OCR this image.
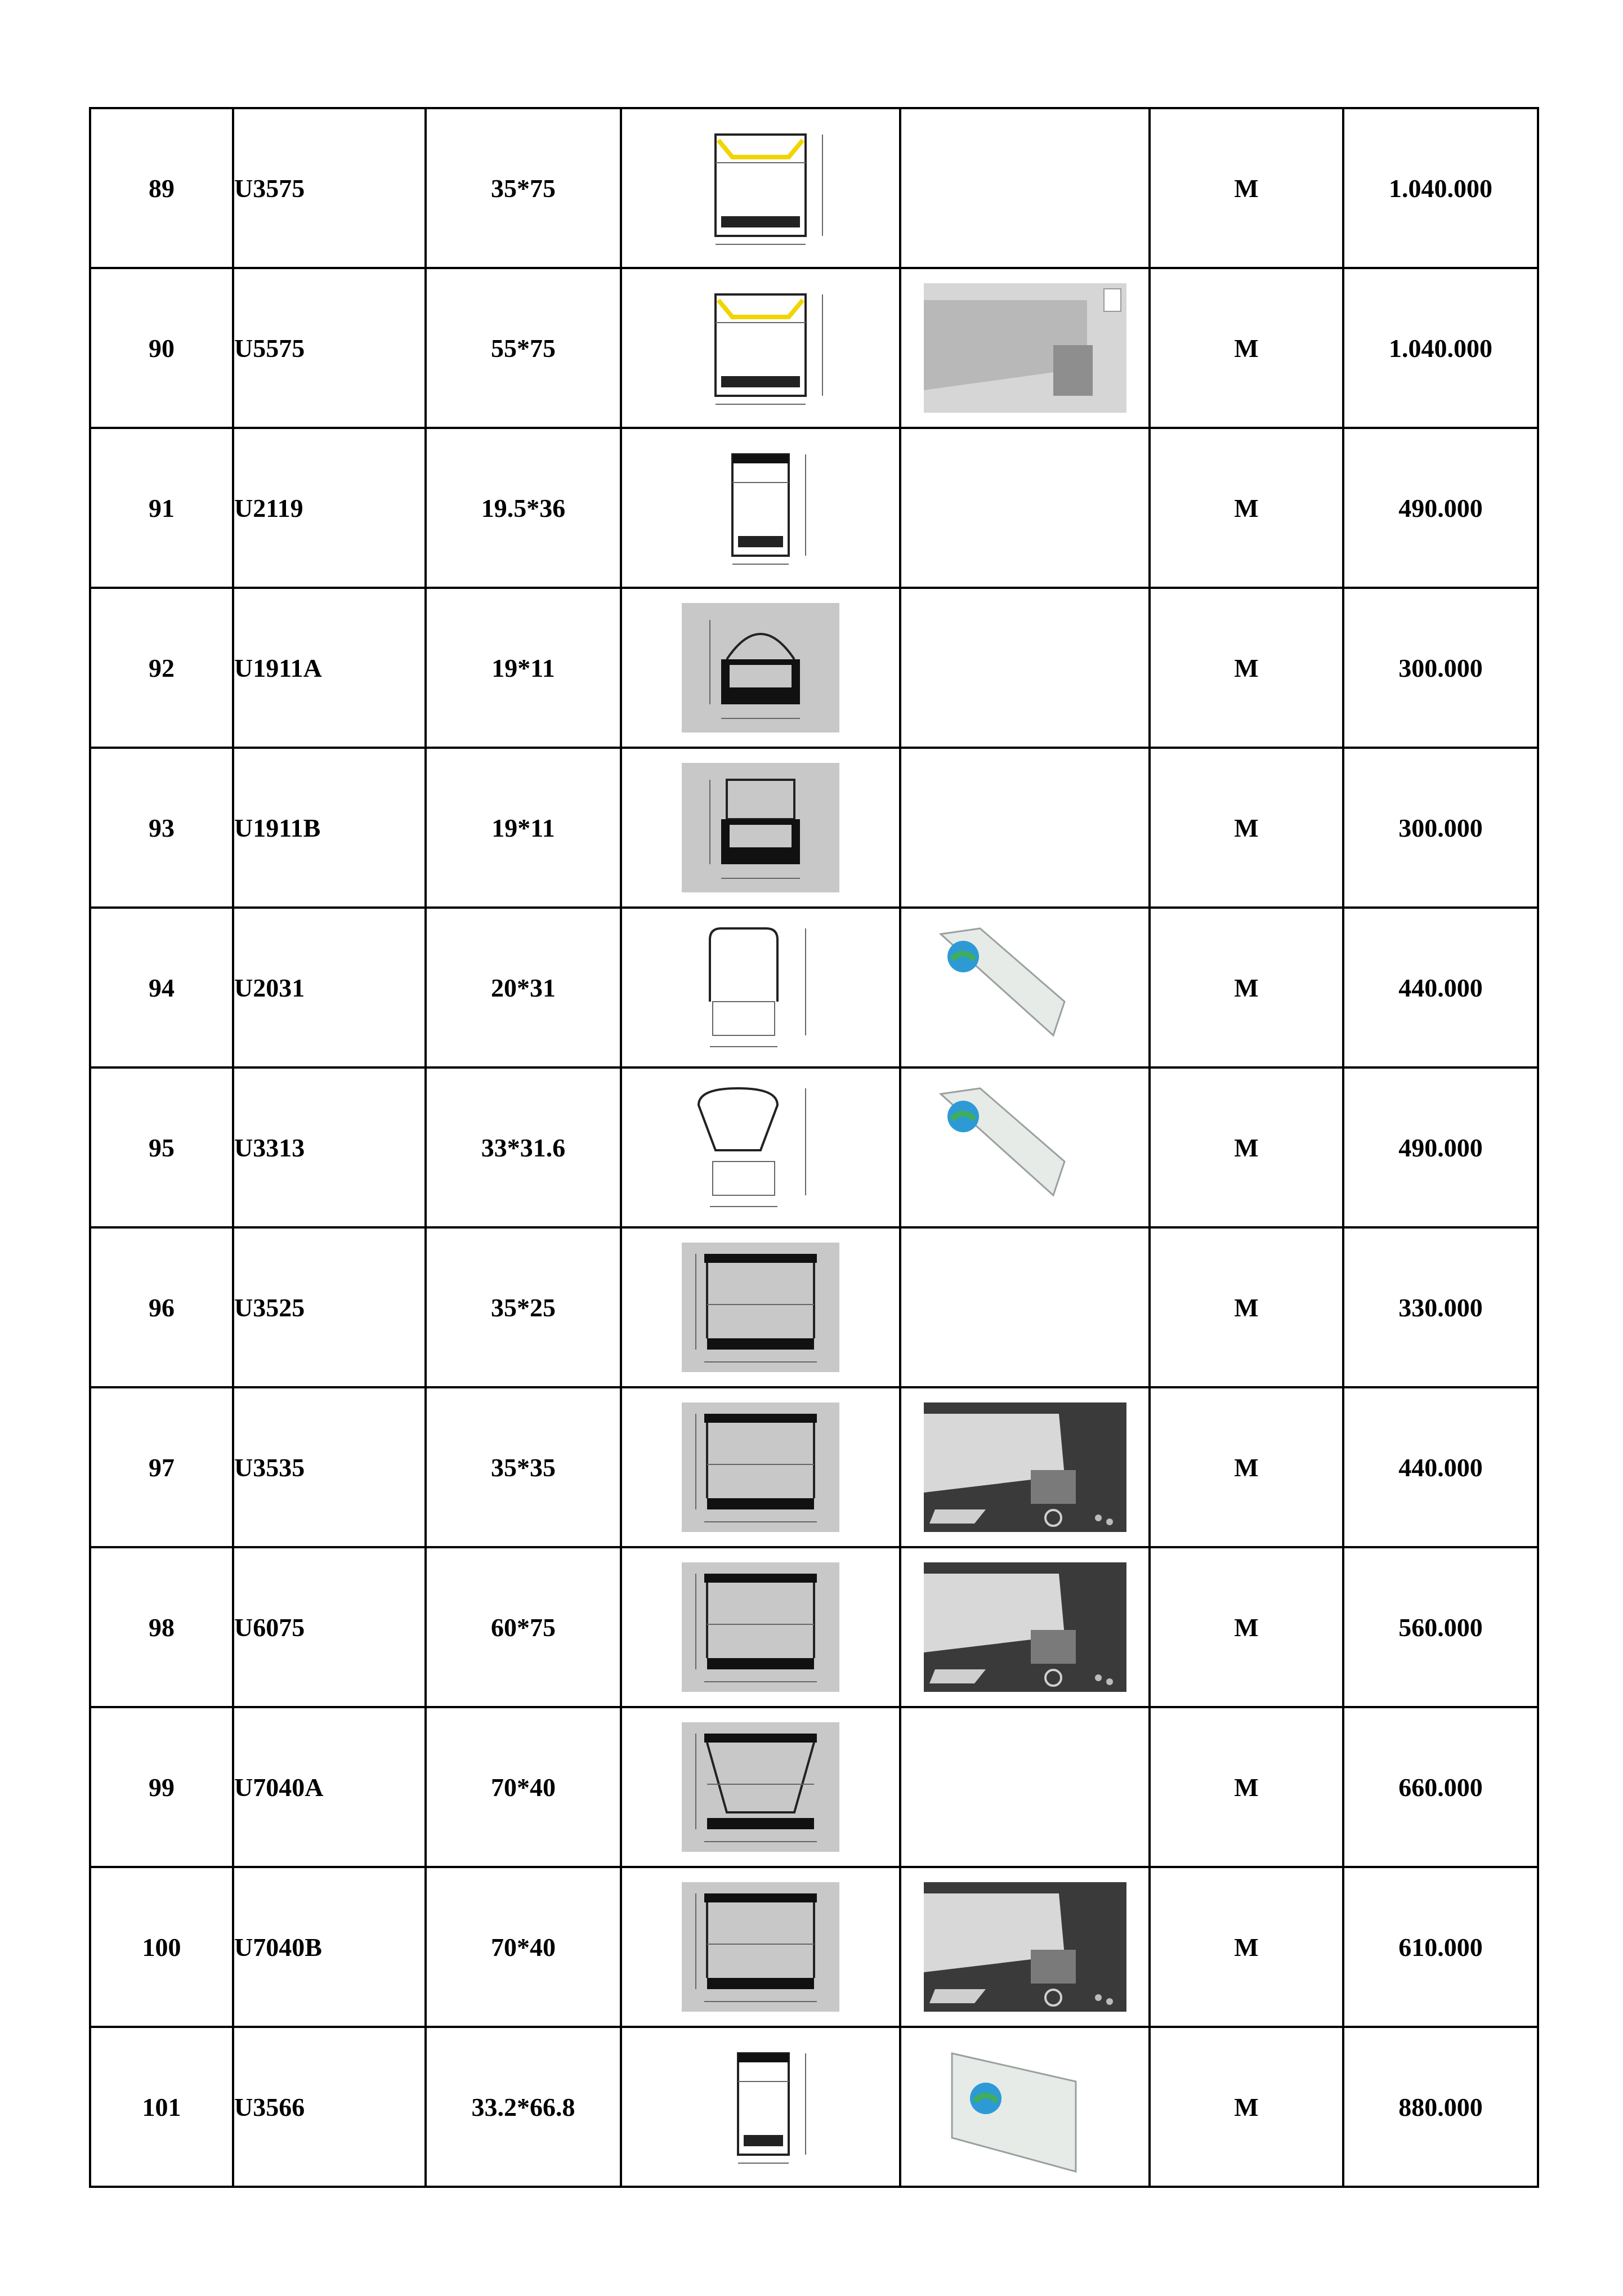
89	U3575	35*75			M	1.040.000
90	U5575	55*75			M	1.040.000
91	U2119	19.5*36			M	490.000
92	U1911A	19*11			M	300.000
93	U1911B	19*11			M	300.000
94	U2031	20*31			M	440.000
95	U3313	33*31.6			M	490.000
96	U3525	35*25			M	330.000
97	U3535	35*35			M	440.000
98	U6075	60*75			M	560.000
99	U7040A	70*40			M	660.000
100	U7040B	70*40			M	610.000
101	U3566	33.2*66.8			M	880.000
